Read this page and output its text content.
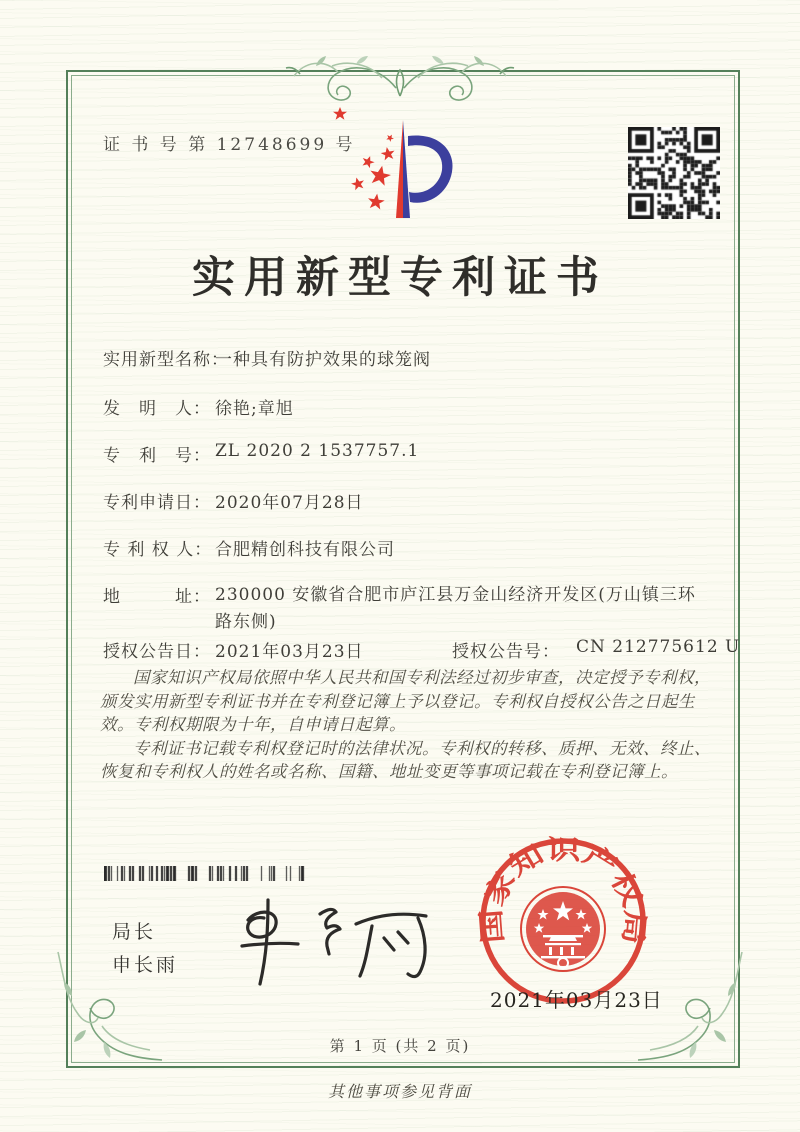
证 书 号 第 12748699 号
实用新型专利证书
实用新型名称：
一种具有防护效果的球笼阀
发　明　人： 徐艳;章旭
专　利　号： ZL 2020 2 1537757.1
专利申请日： 2020年07月28日
专 利 权 人： 合肥精创科技有限公司
地　　　址： 230000 安徽省合肥市庐江县万金山经济开发区(万山镇三环路东侧)
授权公告日： 2021年03月23日	授权公告号： CN 212775612 U

国家知识产权局依照中华人民共和国专利法经过初步审查，决定授予专利权，颁发实用新型专利证书并在专利登记簿上予以登记。专利权自授权公告之日起生效。专利权期限为十年，自申请日起算。

专利证书记载专利权登记时的法律状况。专利权的转移、质押、无效、终止、恢复和专利权人的姓名或名称、国籍、地址变更等事项记载在专利登记簿上。

局长
申长雨
国家知识产权局
2021年03月23日
第 1 页 (共 2 页)
其他事项参见背面
